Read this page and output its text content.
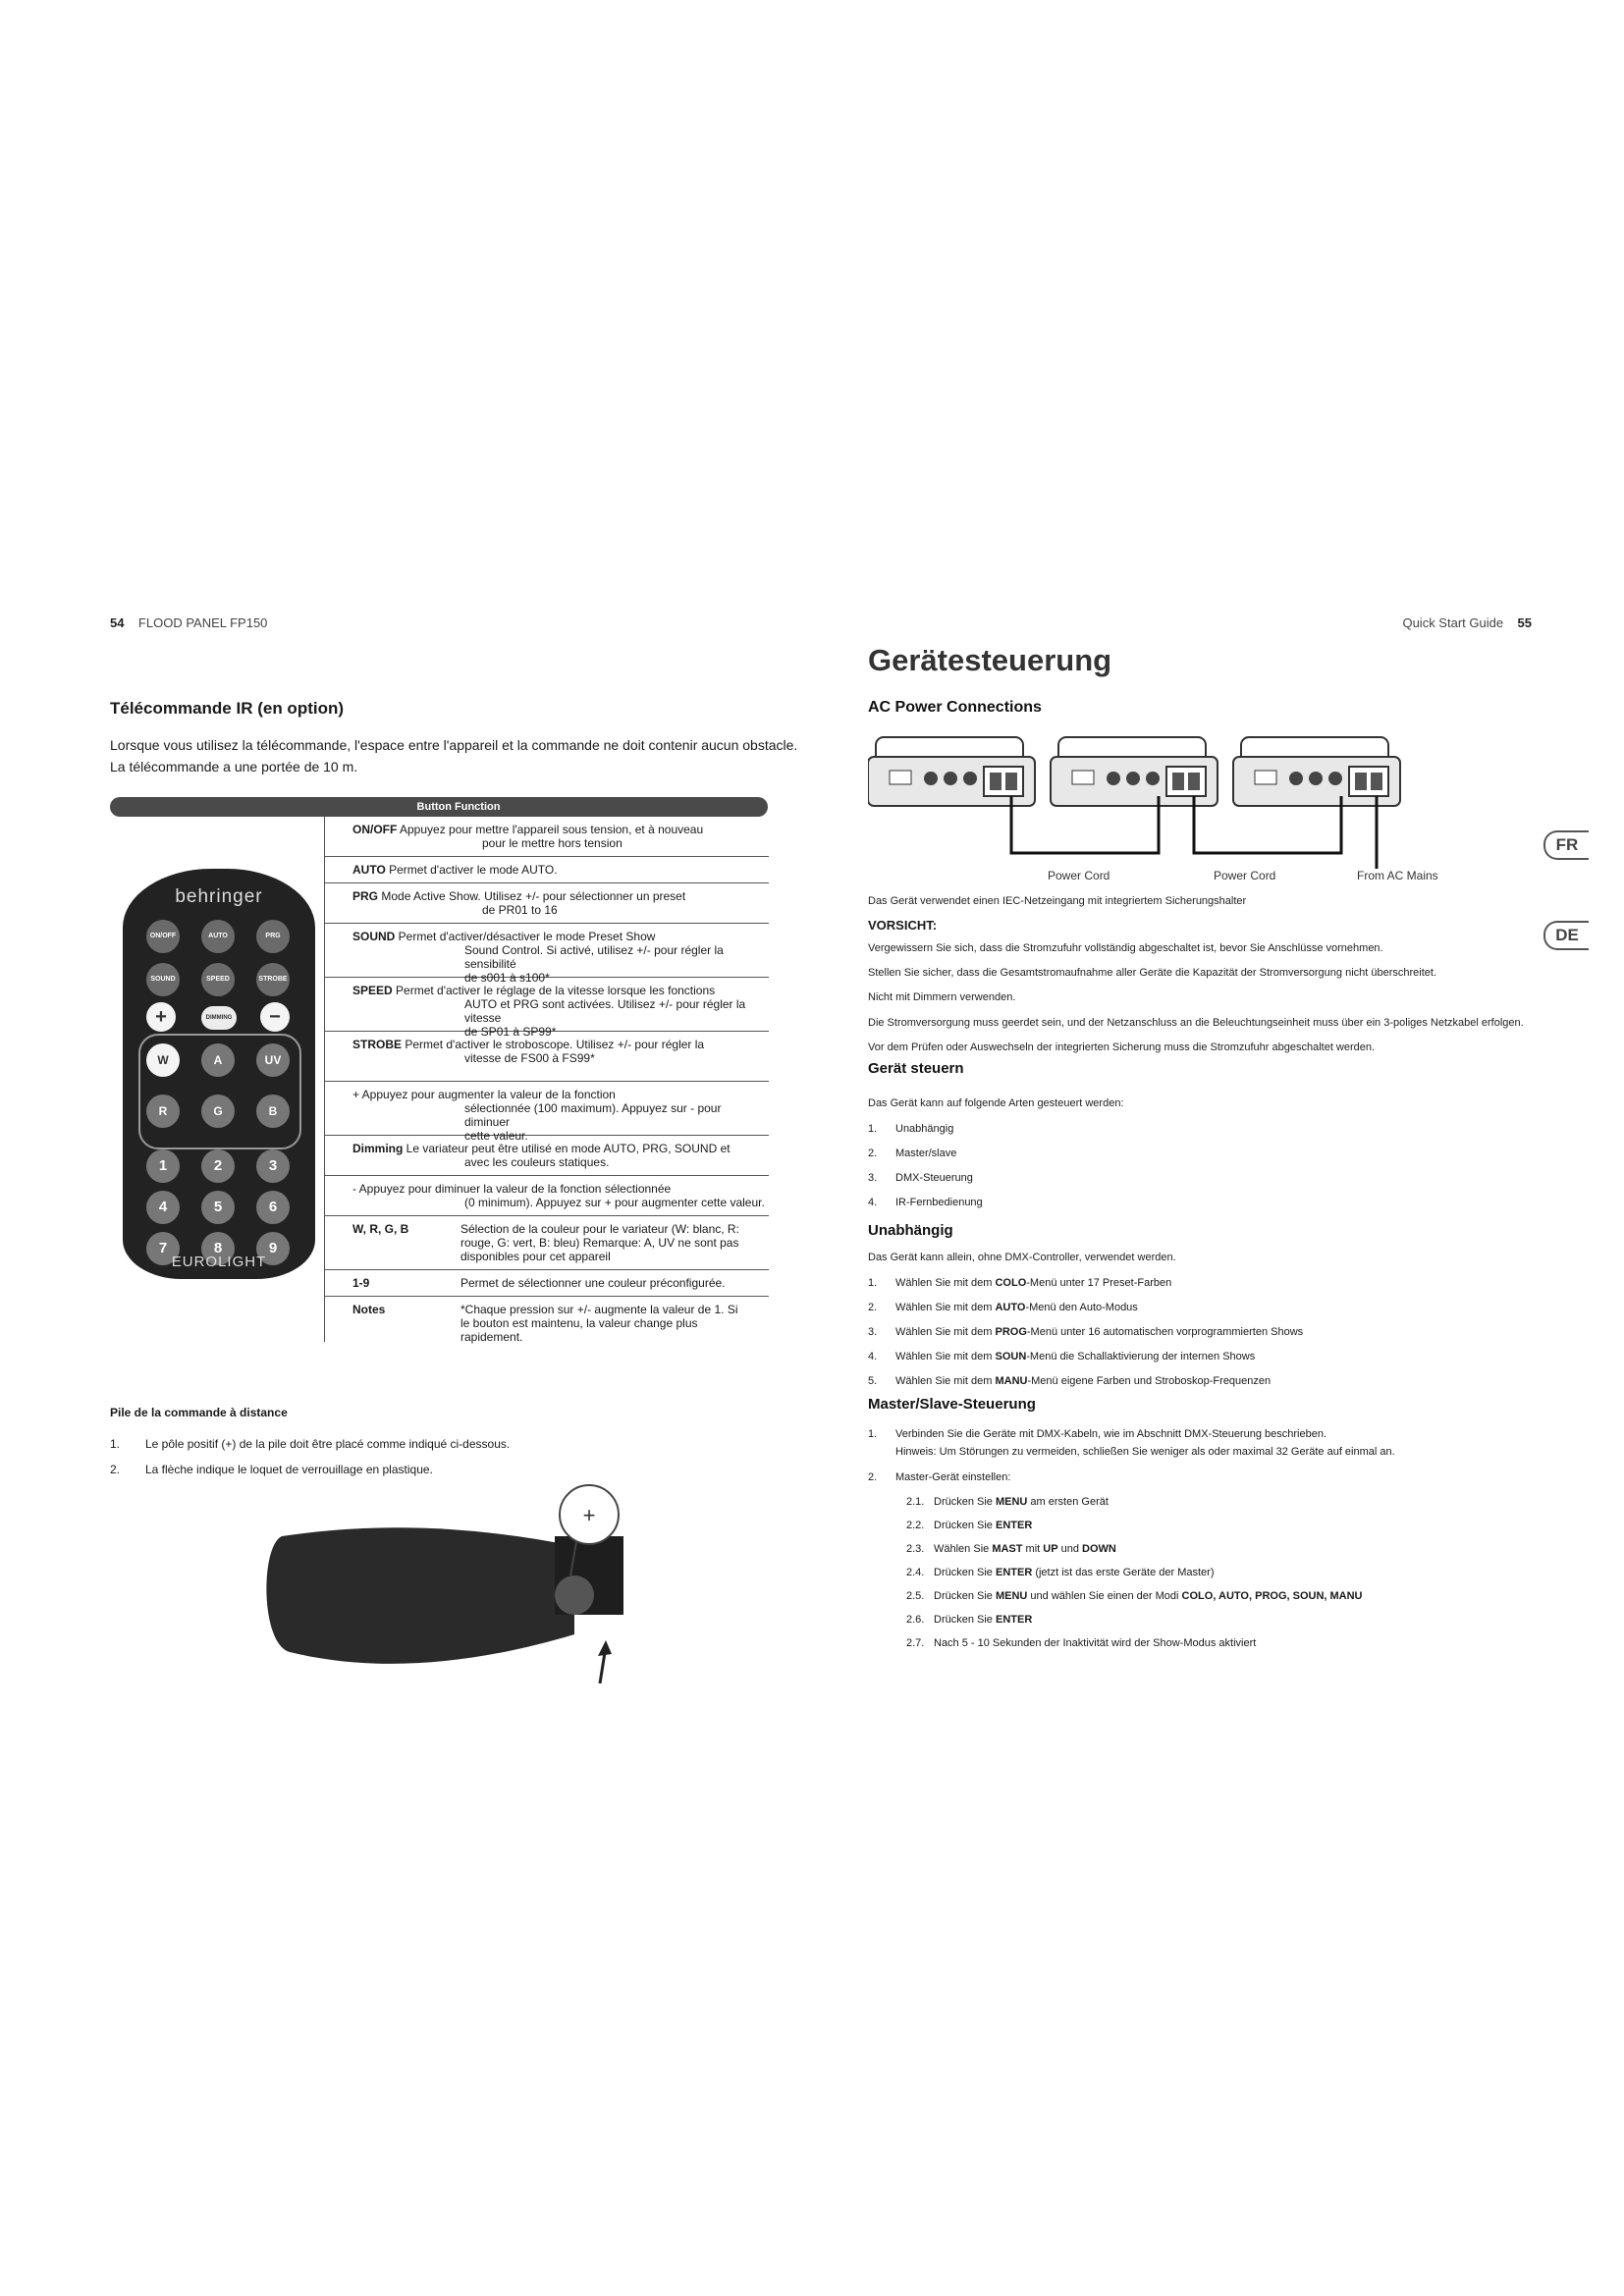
54 FLOOD PANEL FP150	Quick Start Guide 55
Télécommande IR (en option)
Lorsque vous utilisez la télécommande, l'espace entre l'appareil et la commande ne doit contenir aucun obstacle.
La télécommande a une portée de 10 m.
Button Function
ON/OFF Appuyez pour mettre l'appareil sous tension, et à nouveau
pour le mettre hors tension
AUTO Permet d'activer le mode AUTO.
PRG Mode Active Show. Utilisez +/- pour sélectionner un preset
de PR01 to 16
SOUND Permet d'activer/désactiver le mode Preset Show
Sound Control. Si activé, utilisez +/- pour régler la sensibilité
de s001 à s100*
SPEED Permet d'activer le réglage de la vitesse lorsque les fonctions
AUTO et PRG sont activées. Utilisez +/- pour régler la vitesse
de SP01 à SP99*
STROBE Permet d'activer le stroboscope. Utilisez +/- pour régler la
vitesse de FS00 à FS99*
+ Appuyez pour augmenter la valeur de la fonction
sélectionnée (100 maximum). Appuyez sur - pour diminuer
cette valeur.
Dimming Le variateur peut être utilisé en mode AUTO, PRG, SOUND et
avec les couleurs statiques.
- Appuyez pour diminuer la valeur de la fonction sélectionnée
(0 minimum). Appuyez sur + pour augmenter cette valeur.
W, R, G, B	Sélection de la couleur pour le variateur (W: blanc, R: rouge, G: vert, B: bleu) Remarque: A, UV ne sont pas disponibles pour cet appareil
1-9	Permet de sélectionner une couleur préconfigurée.
Notes	*Chaque pression sur +/- augmente la valeur de 1. Si le bouton est maintenu, la valeur change plus rapidement.
behringer
ON/OFF	AUTO	PRG
SOUND	SPEED	STROBE
+	DIMMING	−
W	A	UV
R	G	B
1	2	3
4	5	6
7	8	9
EUROLIGHT
Pile de la commande à distance
1. Le pôle positif (+) de la pile doit être placé comme indiqué ci-dessous.
2. La flèche indique le loquet de verrouillage en plastique.
+
Gerätesteuerung
AC Power Connections
Power Cord	Power Cord	From AC Mains
Das Gerät verwendet einen IEC-Netzeingang mit integriertem Sicherungshalter
VORSICHT:
Vergewissern Sie sich, dass die Stromzufuhr vollständig abgeschaltet ist, bevor Sie Anschlüsse vornehmen.
Stellen Sie sicher, dass die Gesamtstromaufnahme aller Geräte die Kapazität der Stromversorgung nicht überschreitet.
Nicht mit Dimmern verwenden.
Die Stromversorgung muss geerdet sein, und der Netzanschluss an die Beleuchtungseinheit muss über ein 3-poliges Netzkabel erfolgen.
Vor dem Prüfen oder Auswechseln der integrierten Sicherung muss die Stromzufuhr abgeschaltet werden.
Gerät steuern
Das Gerät kann auf folgende Arten gesteuert werden:
1. Unabhängig
2. Master/slave
3. DMX-Steuerung
4. IR-Fernbedienung
Unabhängig
Das Gerät kann allein, ohne DMX-Controller, verwendet werden.
1. Wählen Sie mit dem COLO-Menü unter 17 Preset-Farben
2. Wählen Sie mit dem AUTO-Menü den Auto-Modus
3. Wählen Sie mit dem PROG-Menü unter 16 automatischen vorprogrammierten Shows
4. Wählen Sie mit dem SOUN-Menü die Schallaktivierung der internen Shows
5. Wählen Sie mit dem MANU-Menü eigene Farben und Stroboskop-Frequenzen
Master/Slave-Steuerung
1. Verbinden Sie die Geräte mit DMX-Kabeln, wie im Abschnitt DMX-Steuerung beschrieben.
Hinweis: Um Störungen zu vermeiden, schließen Sie weniger als oder maximal 32 Geräte auf einmal an.
2. Master-Gerät einstellen:
2.1. Drücken Sie MENU am ersten Gerät
2.2. Drücken Sie ENTER
2.3. Wählen Sie MAST mit UP und DOWN
2.4. Drücken Sie ENTER (jetzt ist das erste Geräte der Master)
2.5. Drücken Sie MENU und wählen Sie einen der Modi COLO, AUTO, PROG, SOUN, MANU
2.6. Drücken Sie ENTER
2.7. Nach 5 - 10 Sekunden der Inaktivität wird der Show-Modus aktiviert
FR
DE
